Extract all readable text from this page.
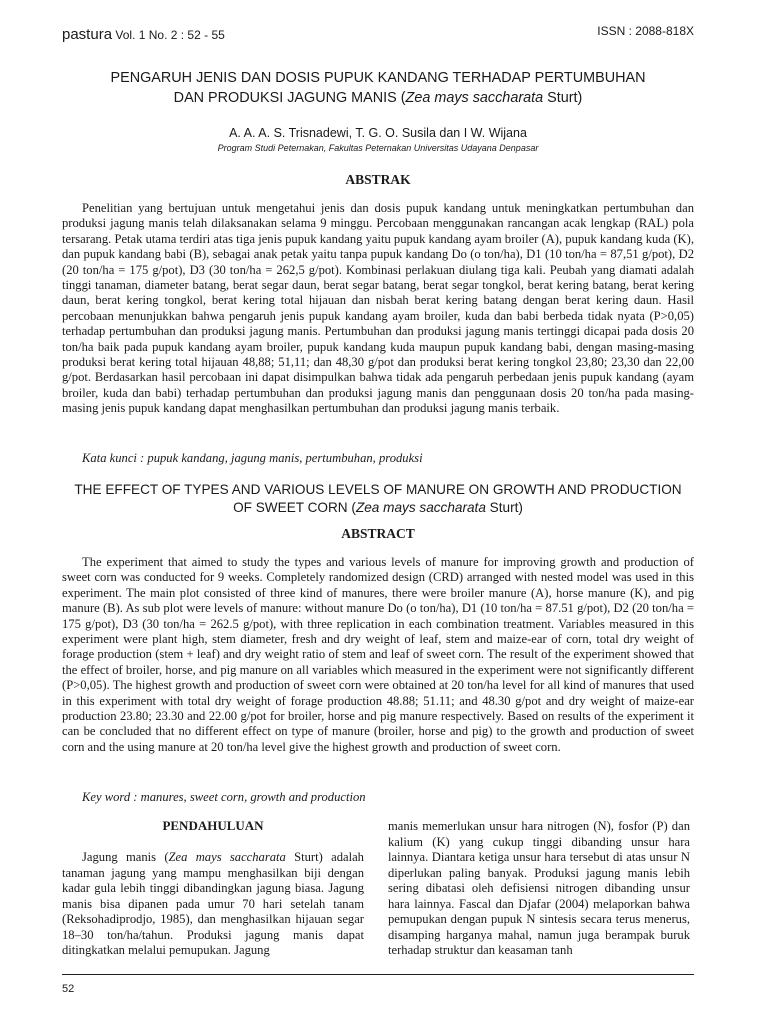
pastura Vol. 1 No. 2 : 52 - 55	ISSN : 2088-818X
PENGARUH JENIS DAN DOSIS PUPUK KANDANG TERHADAP PERTUMBUHAN
DAN PRODUKSI JAGUNG MANIS (Zea mays saccharata Sturt)
A. A. A. S. Trisnadewi, T. G. O. Susila dan I W. Wijana
Program Studi Peternakan, Fakultas Peternakan Universitas Udayana Denpasar
ABSTRAK

Penelitian yang bertujuan untuk mengetahui jenis dan dosis pupuk kandang untuk meningkatkan pertumbuhan dan produksi jagung manis telah dilaksanakan selama 9 minggu. Percobaan menggunakan rancangan acak lengkap (RAL) pola tersarang. Petak utama terdiri atas tiga jenis pupuk kandang yaitu pupuk kandang ayam broiler (A), pupuk kandang kuda (K), dan pupuk kandang babi (B), sebagai anak petak yaitu tanpa pupuk kandang Do (o ton/ha), D1 (10 ton/ha = 87,51 g/pot), D2 (20 ton/ha = 175 g/pot), D3 (30 ton/ha = 262,5 g/pot). Kombinasi perlakuan diulang tiga kali. Peubah yang diamati adalah tinggi tanaman, diameter batang, berat segar daun, berat segar batang, berat segar tongkol, berat kering batang, berat kering daun, berat kering tongkol, berat kering total hijauan dan nisbah berat kering batang dengan berat kering daun. Hasil percobaan menunjukkan bahwa pengaruh jenis pupuk kandang ayam broiler, kuda dan babi berbeda tidak nyata (P>0,05) terhadap pertumbuhan dan produksi jagung manis. Pertumbuhan dan produksi jagung manis tertinggi dicapai pada dosis 20 ton/ha baik pada pupuk kandang ayam broiler, pupuk kandang kuda maupun pupuk kandang babi, dengan masing-masing produksi berat kering total hijauan 48,88; 51,11; dan 48,30 g/pot dan produksi berat kering tongkol 23,80; 23,30 dan 22,00 g/pot. Berdasarkan hasil percobaan ini dapat disimpulkan bahwa tidak ada pengaruh perbedaan jenis pupuk kandang (ayam broiler, kuda dan babi) terhadap pertumbuhan dan produksi jagung manis dan penggunaan dosis 20 ton/ha pada masing-masing jenis pupuk kandang dapat menghasilkan pertumbuhan dan produksi jagung manis terbaik.

Kata kunci : pupuk kandang, jagung manis, pertumbuhan, produksi
THE EFFECT OF TYPES AND VARIOUS LEVELS OF MANURE ON GROWTH AND PRODUCTION
OF SWEET CORN (Zea mays saccharata Sturt)
ABSTRACT

The experiment that aimed to study the types and various levels of manure for improving growth and production of sweet corn was conducted for 9 weeks. Completely randomized design (CRD) arranged with nested model was used in this experiment. The main plot consisted of three kind of manures, there were broiler manure (A), horse manure (K), and pig manure (B). As sub plot were levels of manure: without manure Do (o ton/ha), D1 (10 ton/ha = 87.51 g/pot), D2 (20 ton/ha = 175 g/pot), D3 (30 ton/ha = 262.5 g/pot), with three replication in each combination treatment. Variables measured in this experiment were plant high, stem diameter, fresh and dry weight of leaf, stem and maize-ear of corn, total dry weight of forage production (stem + leaf) and dry weight ratio of stem and leaf of sweet corn. The result of the experiment showed that the effect of broiler, horse, and pig manure on all variables which measured in the experiment were not significantly different (P>0,05). The highest growth and production of sweet corn were obtained at 20 ton/ha level for all kind of manures that used in this experiment with total dry weight of forage production 48.88; 51.11; and 48.30 g/pot and dry weight of maize-ear production 23.80; 23.30 and 22.00 g/pot for broiler, horse and pig manure respectively. Based on results of the experiment it can be concluded that no different effect on type of manure (broiler, horse and pig) to the growth and production of sweet corn and the using manure at 20 ton/ha level give the highest growth and production of sweet corn.

Key word : manures, sweet corn, growth and production
PENDAHULUAN

Jagung manis (Zea mays saccharata Sturt) adalah tanaman jagung yang mampu menghasilkan biji dengan kadar gula lebih tinggi dibandingkan jagung biasa. Jagung manis bisa dipanen pada umur 70 hari setelah tanam (Reksohadiprodjo, 1985), dan menghasilkan hijauan segar 18–30 ton/ha/tahun. Produksi jagung manis dapat ditingkatkan melalui pemupukan. Jagung

manis memerlukan unsur hara nitrogen (N), fosfor (P) dan kalium (K) yang cukup tinggi dibanding unsur hara lainnya. Diantara ketiga unsur hara tersebut di atas unsur N diperlukan paling banyak. Produksi jagung manis lebih sering dibatasi oleh defisiensi nitrogen dibanding unsur hara lainnya. Fascal dan Djafar (2004) melaporkan bahwa pemupukan dengan pupuk N sintesis secara terus menerus, disamping harganya mahal, namun juga berampak buruk terhadap struktur dan keasaman tanh

52
